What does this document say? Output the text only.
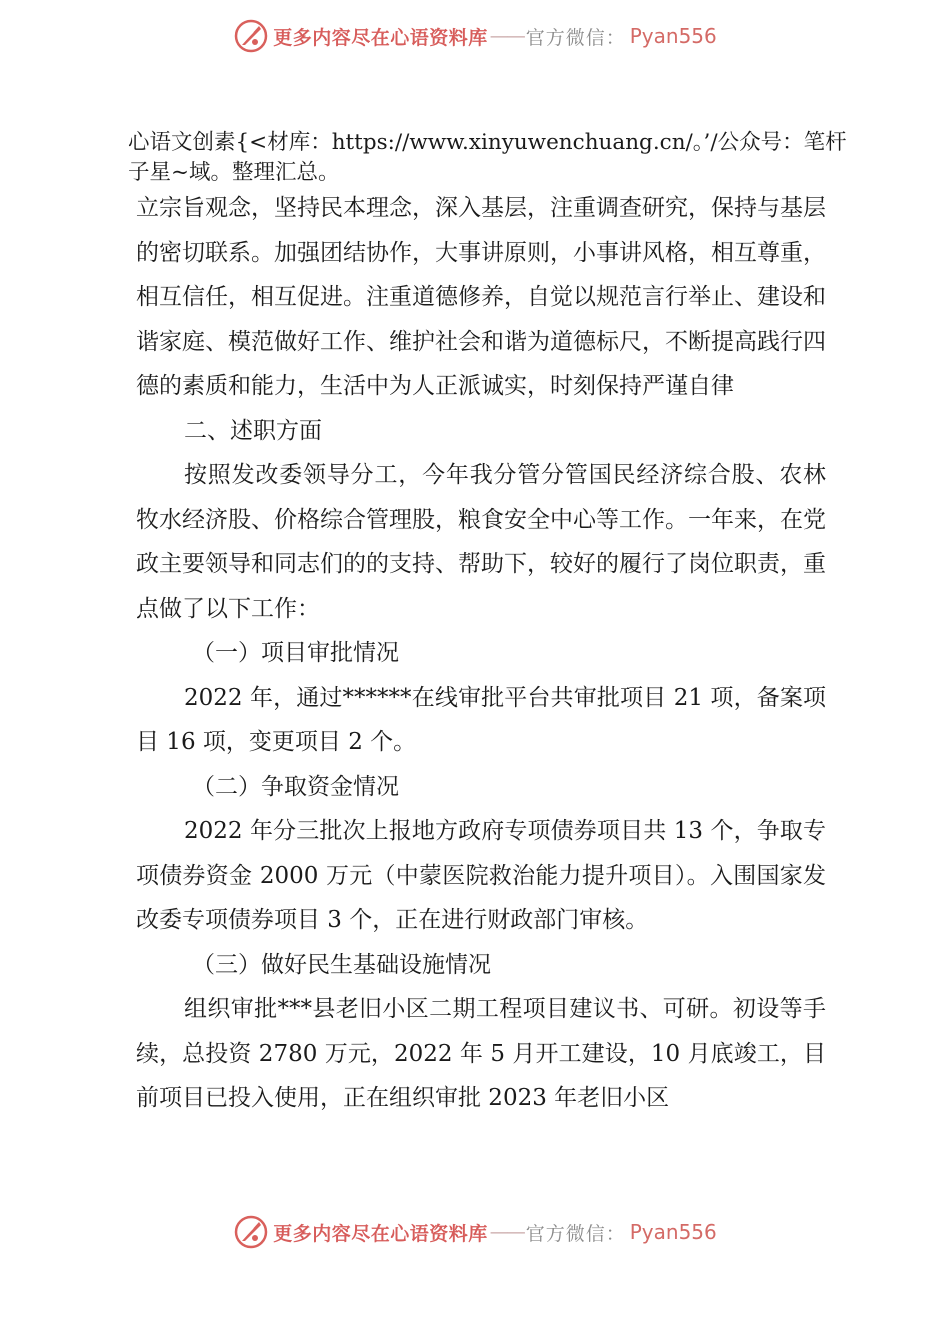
更多内容尽在心语资料库 —— 官方微信： Pyan556
心语文创素{<材库：https://www.xinyuwenchuang.cn/。’/公众号：笔杆子星~域。整理汇总。

立宗旨观念，坚持民本理念，深入基层，注重调查研究，保持与基层的密切联系。加强团结协作，大事讲原则，小事讲风格，相互尊重，相互信任，相互促进。注重道德修养，自觉以规范言行举止、建设和谐家庭、模范做好工作、维护社会和谐为道德标尺，不断提高践行四德的素质和能力，生活中为人正派诚实，时刻保持严谨自律

二、述职方面

按照发改委领导分工，今年我分管分管国民经济综合股、农林牧水经济股、价格综合管理股，粮食安全中心等工作。一年来，在党政主要领导和同志们的的支持、帮助下，较好的履行了岗位职责，重点做了以下工作：

（一）项目审批情况

2022 年，通过******在线审批平台共审批项目 21 项，备案项目 16 项，变更项目 2 个。

（二）争取资金情况

2022 年分三批次上报地方政府专项债券项目共 13 个，争取专项债券资金 2000 万元（中蒙医院救治能力提升项目）。入围国家发改委专项债券项目 3 个，正在进行财政部门审核。

（三）做好民生基础设施情况

组织审批***县老旧小区二期工程项目建议书、可研。初设等手续，总投资 2780 万元，2022 年 5 月开工建设，10 月底竣工，目前项目已投入使用，正在组织审批 2023 年老旧小区

更多内容尽在心语资料库 —— 官方微信： Pyan556
